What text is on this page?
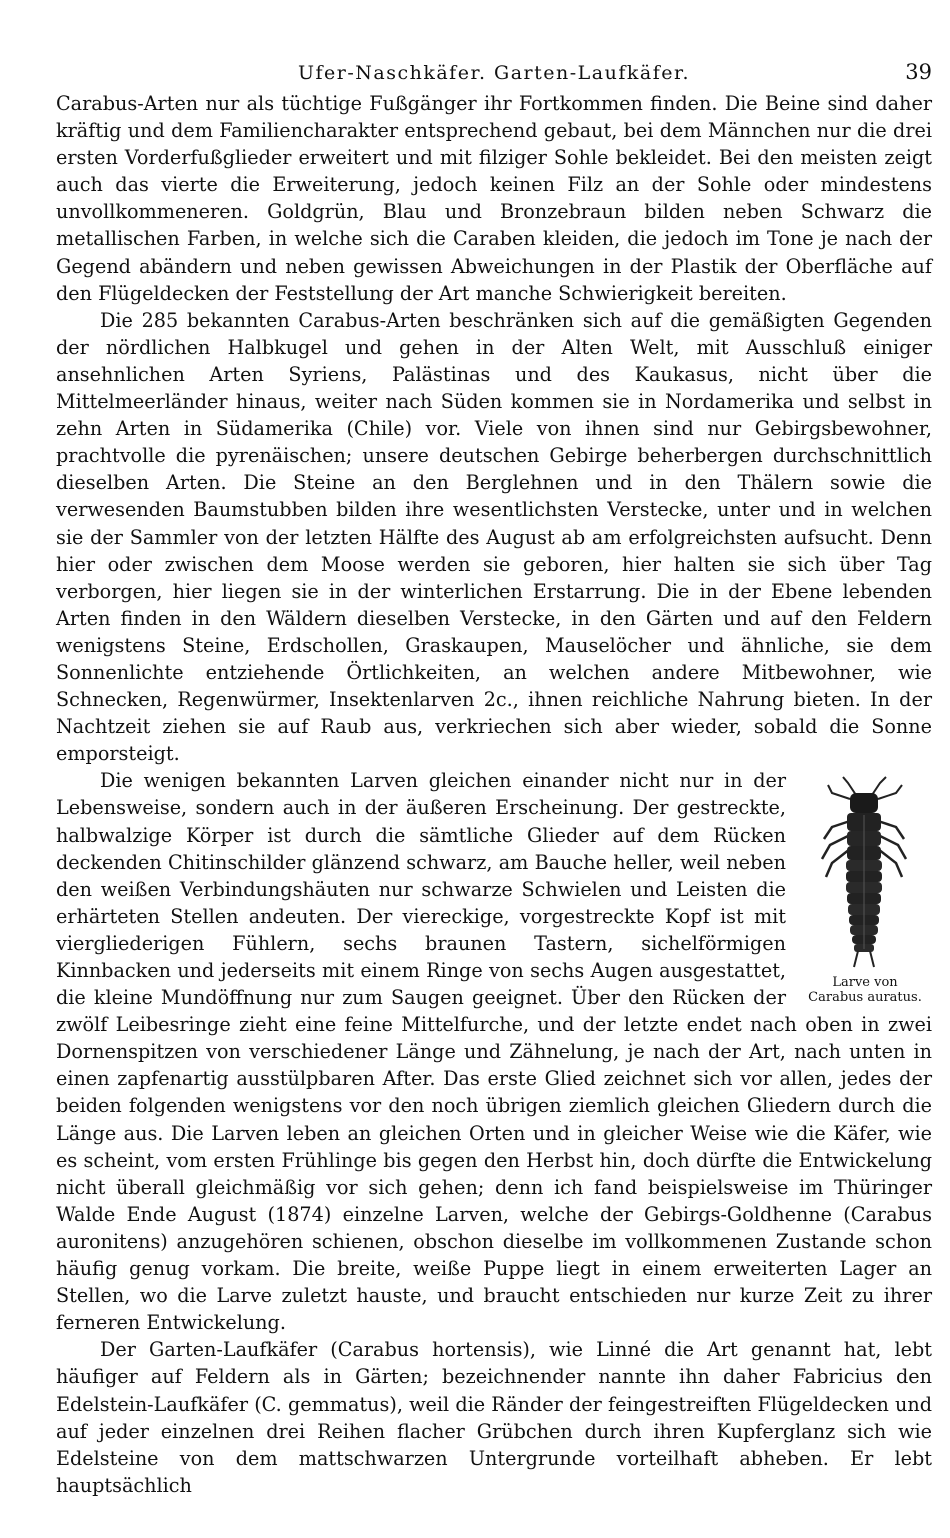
Ufer-Naschkäfer. Garten-Laufkäfer.	39

Carabus-Arten nur als tüchtige Fußgänger ihr Fortkommen finden. Die Beine sind daher kräftig und dem Familiencharakter entsprechend gebaut, bei dem Männchen nur die drei ersten Vorderfußglieder erweitert und mit filziger Sohle bekleidet. Bei den meisten zeigt auch das vierte die Erweiterung, jedoch keinen Filz an der Sohle oder mindestens unvollkommeneren. Goldgrün, Blau und Bronzebraun bilden neben Schwarz die metallischen Farben, in welche sich die Caraben kleiden, die jedoch im Tone je nach der Gegend abändern und neben gewissen Abweichungen in der Plastik der Oberfläche auf den Flügeldecken der Feststellung der Art manche Schwierigkeit bereiten.

Die 285 bekannten Carabus-Arten beschränken sich auf die gemäßigten Gegenden der nördlichen Halbkugel und gehen in der Alten Welt, mit Ausschluß einiger ansehnlichen Arten Syriens, Palästinas und des Kaukasus, nicht über die Mittelmeerländer hinaus, weiter nach Süden kommen sie in Nordamerika und selbst in zehn Arten in Südamerika (Chile) vor. Viele von ihnen sind nur Gebirgsbewohner, prachtvolle die pyrenäischen; unsere deutschen Gebirge beherbergen durchschnittlich dieselben Arten. Die Steine an den Berglehnen und in den Thälern sowie die verwesenden Baumstubben bilden ihre wesentlichsten Verstecke, unter und in welchen sie der Sammler von der letzten Hälfte des August ab am erfolgreichsten aufsucht. Denn hier oder zwischen dem Moose werden sie geboren, hier halten sie sich über Tag verborgen, hier liegen sie in der winterlichen Erstarrung. Die in der Ebene lebenden Arten finden in den Wäldern dieselben Verstecke, in den Gärten und auf den Feldern wenigstens Steine, Erdschollen, Graskaupen, Mauselöcher und ähnliche, sie dem Sonnenlichte entziehende Örtlichkeiten, an welchen andere Mitbewohner, wie Schnecken, Regenwürmer, Insektenlarven 2c., ihnen reichliche Nahrung bieten. In der Nachtzeit ziehen sie auf Raub aus, verkriechen sich aber wieder, sobald die Sonne emporsteigt.

Larve von
Carabus auratus.

Die wenigen bekannten Larven gleichen einander nicht nur in der Lebensweise, sondern auch in der äußeren Erscheinung. Der gestreckte, halbwalzige Körper ist durch die sämtliche Glieder auf dem Rücken deckenden Chitinschilder glänzend schwarz, am Bauche heller, weil neben den weißen Verbindungshäuten nur schwarze Schwielen und Leisten die erhärteten Stellen andeuten. Der viereckige, vorgestreckte Kopf ist mit viergliederigen Fühlern, sechs braunen Tastern, sichelförmigen Kinnbacken und jederseits mit einem Ringe von sechs Augen ausgestattet, die kleine Mundöffnung nur zum Saugen geeignet. Über den Rücken der zwölf Leibesringe zieht eine feine Mittelfurche, und der letzte endet nach oben in zwei Dornenspitzen von verschiedener Länge und Zähnelung, je nach der Art, nach unten in einen zapfenartig ausstülpbaren After. Das erste Glied zeichnet sich vor allen, jedes der beiden folgenden wenigstens vor den noch übrigen ziemlich gleichen Gliedern durch die Länge aus. Die Larven leben an gleichen Orten und in gleicher Weise wie die Käfer, wie es scheint, vom ersten Frühlinge bis gegen den Herbst hin, doch dürfte die Entwickelung nicht überall gleichmäßig vor sich gehen; denn ich fand beispielsweise im Thüringer Walde Ende August (1874) einzelne Larven, welche der Gebirgs-Goldhenne (Carabus auronitens) anzugehören schienen, obschon dieselbe im vollkommenen Zustande schon häufig genug vorkam. Die breite, weiße Puppe liegt in einem erweiterten Lager an Stellen, wo die Larve zuletzt hauste, und braucht entschieden nur kurze Zeit zu ihrer ferneren Entwickelung.

Der Garten-Laufkäfer (Carabus hortensis), wie Linné die Art genannt hat, lebt häufiger auf Feldern als in Gärten; bezeichnender nannte ihn daher Fabricius den Edelstein-Laufkäfer (C. gemmatus), weil die Ränder der feingestreiften Flügeldecken und auf jeder einzelnen drei Reihen flacher Grübchen durch ihren Kupferglanz sich wie Edelsteine von dem mattschwarzen Untergrunde vorteilhaft abheben. Er lebt hauptsächlich
